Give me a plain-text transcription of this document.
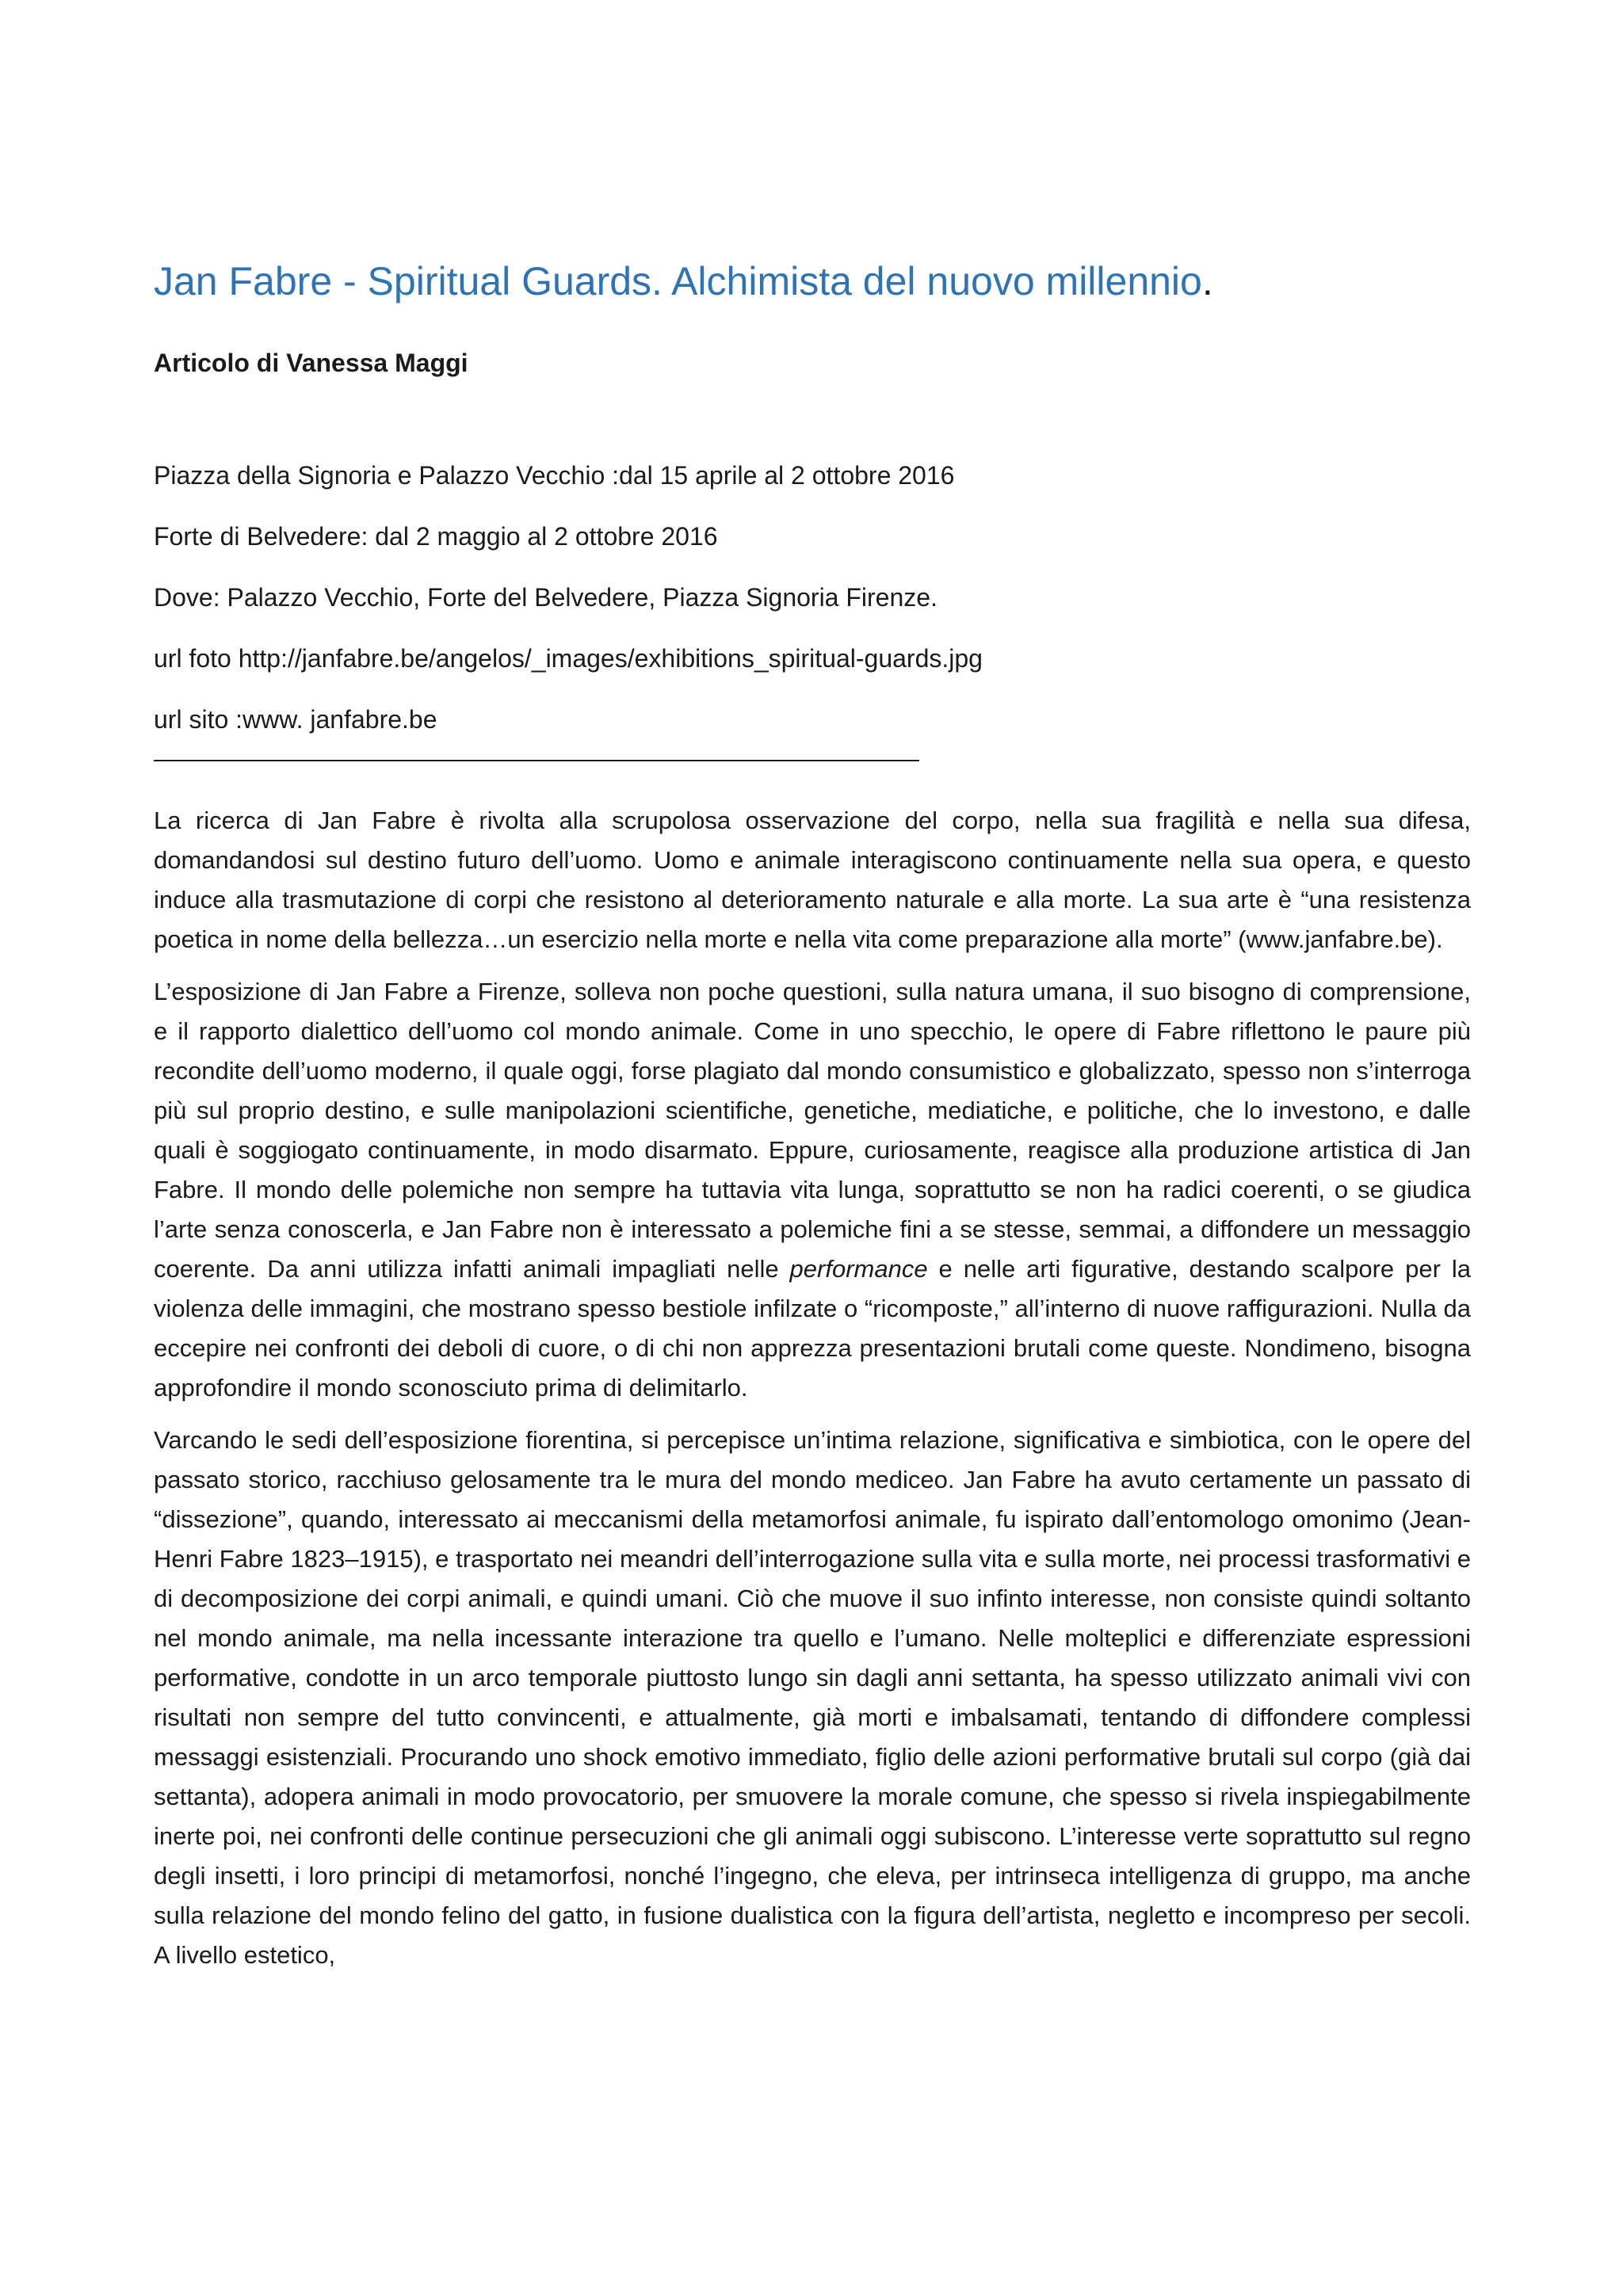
Jan Fabre - Spiritual Guards. Alchimista del nuovo millennio.
Articolo di Vanessa Maggi

Piazza della Signoria e Palazzo Vecchio :dal 15 aprile al 2 ottobre 2016

Forte di Belvedere: dal 2 maggio al 2 ottobre 2016

Dove: Palazzo Vecchio, Forte del Belvedere, Piazza Signoria Firenze.

url foto http://janfabre.be/angelos/_images/exhibitions_spiritual-guards.jpg

url sito :www. janfabre.be

La ricerca di Jan Fabre è rivolta alla scrupolosa osservazione del corpo, nella sua fragilità e nella sua difesa, domandandosi sul destino futuro dell’uomo. Uomo e animale interagiscono continuamente nella sua opera, e questo induce alla trasmutazione di corpi che resistono al deterioramento naturale e alla morte. La sua arte è “una resistenza poetica in nome della bellezza…un esercizio nella morte e nella vita come preparazione alla morte” (www.janfabre.be).

L’esposizione di Jan Fabre a Firenze, solleva non poche questioni, sulla natura umana, il suo bisogno di comprensione, e il rapporto dialettico dell’uomo col mondo animale. Come in uno specchio, le opere di Fabre riflettono le paure più recondite dell’uomo moderno, il quale oggi, forse plagiato dal mondo consumistico e globalizzato, spesso non s’interroga più sul proprio destino, e sulle manipolazioni scientifiche, genetiche, mediatiche, e politiche, che lo investono, e dalle quali è soggiogato continuamente, in modo disarmato. Eppure, curiosamente, reagisce alla produzione artistica di Jan Fabre. Il mondo delle polemiche non sempre ha tuttavia vita lunga, soprattutto se non ha radici coerenti, o se giudica l’arte senza conoscerla, e Jan Fabre non è interessato a polemiche fini a se stesse, semmai, a diffondere un messaggio coerente. Da anni utilizza infatti animali impagliati nelle performance e nelle arti figurative, destando scalpore per la violenza delle immagini, che mostrano spesso bestiole infilzate o “ricomposte,” all’interno di nuove raffigurazioni. Nulla da eccepire nei confronti dei deboli di cuore, o di chi non apprezza presentazioni brutali come queste. Nondimeno, bisogna approfondire il mondo sconosciuto prima di delimitarlo.

Varcando le sedi dell’esposizione fiorentina, si percepisce un’intima relazione, significativa e simbiotica, con le opere del passato storico, racchiuso gelosamente tra le mura del mondo mediceo. Jan Fabre ha avuto certamente un passato di “dissezione”, quando, interessato ai meccanismi della metamorfosi animale, fu ispirato dall’entomologo omonimo (Jean-Henri Fabre 1823–1915), e trasportato nei meandri dell’interrogazione sulla vita e sulla morte, nei processi trasformativi e di decomposizione dei corpi animali, e quindi umani. Ciò che muove il suo infinto interesse, non consiste quindi soltanto nel mondo animale, ma nella incessante interazione tra quello e l’umano. Nelle molteplici e differenziate espressioni performative, condotte in un arco temporale piuttosto lungo sin dagli anni settanta, ha spesso utilizzato animali vivi con risultati non sempre del tutto convincenti, e attualmente, già morti e imbalsamati, tentando di diffondere complessi messaggi esistenziali. Procurando uno shock emotivo immediato, figlio delle azioni performative brutali sul corpo (già dai settanta), adopera animali in modo provocatorio, per smuovere la morale comune, che spesso si rivela inspiegabilmente inerte poi, nei confronti delle continue persecuzioni che gli animali oggi subiscono. L’interesse verte soprattutto sul regno degli insetti, i loro principi di metamorfosi, nonché l’ingegno, che eleva, per intrinseca intelligenza di gruppo, ma anche sulla relazione del mondo felino del gatto, in fusione dualistica con la figura dell’artista, negletto e incompreso per secoli. A livello estetico,
